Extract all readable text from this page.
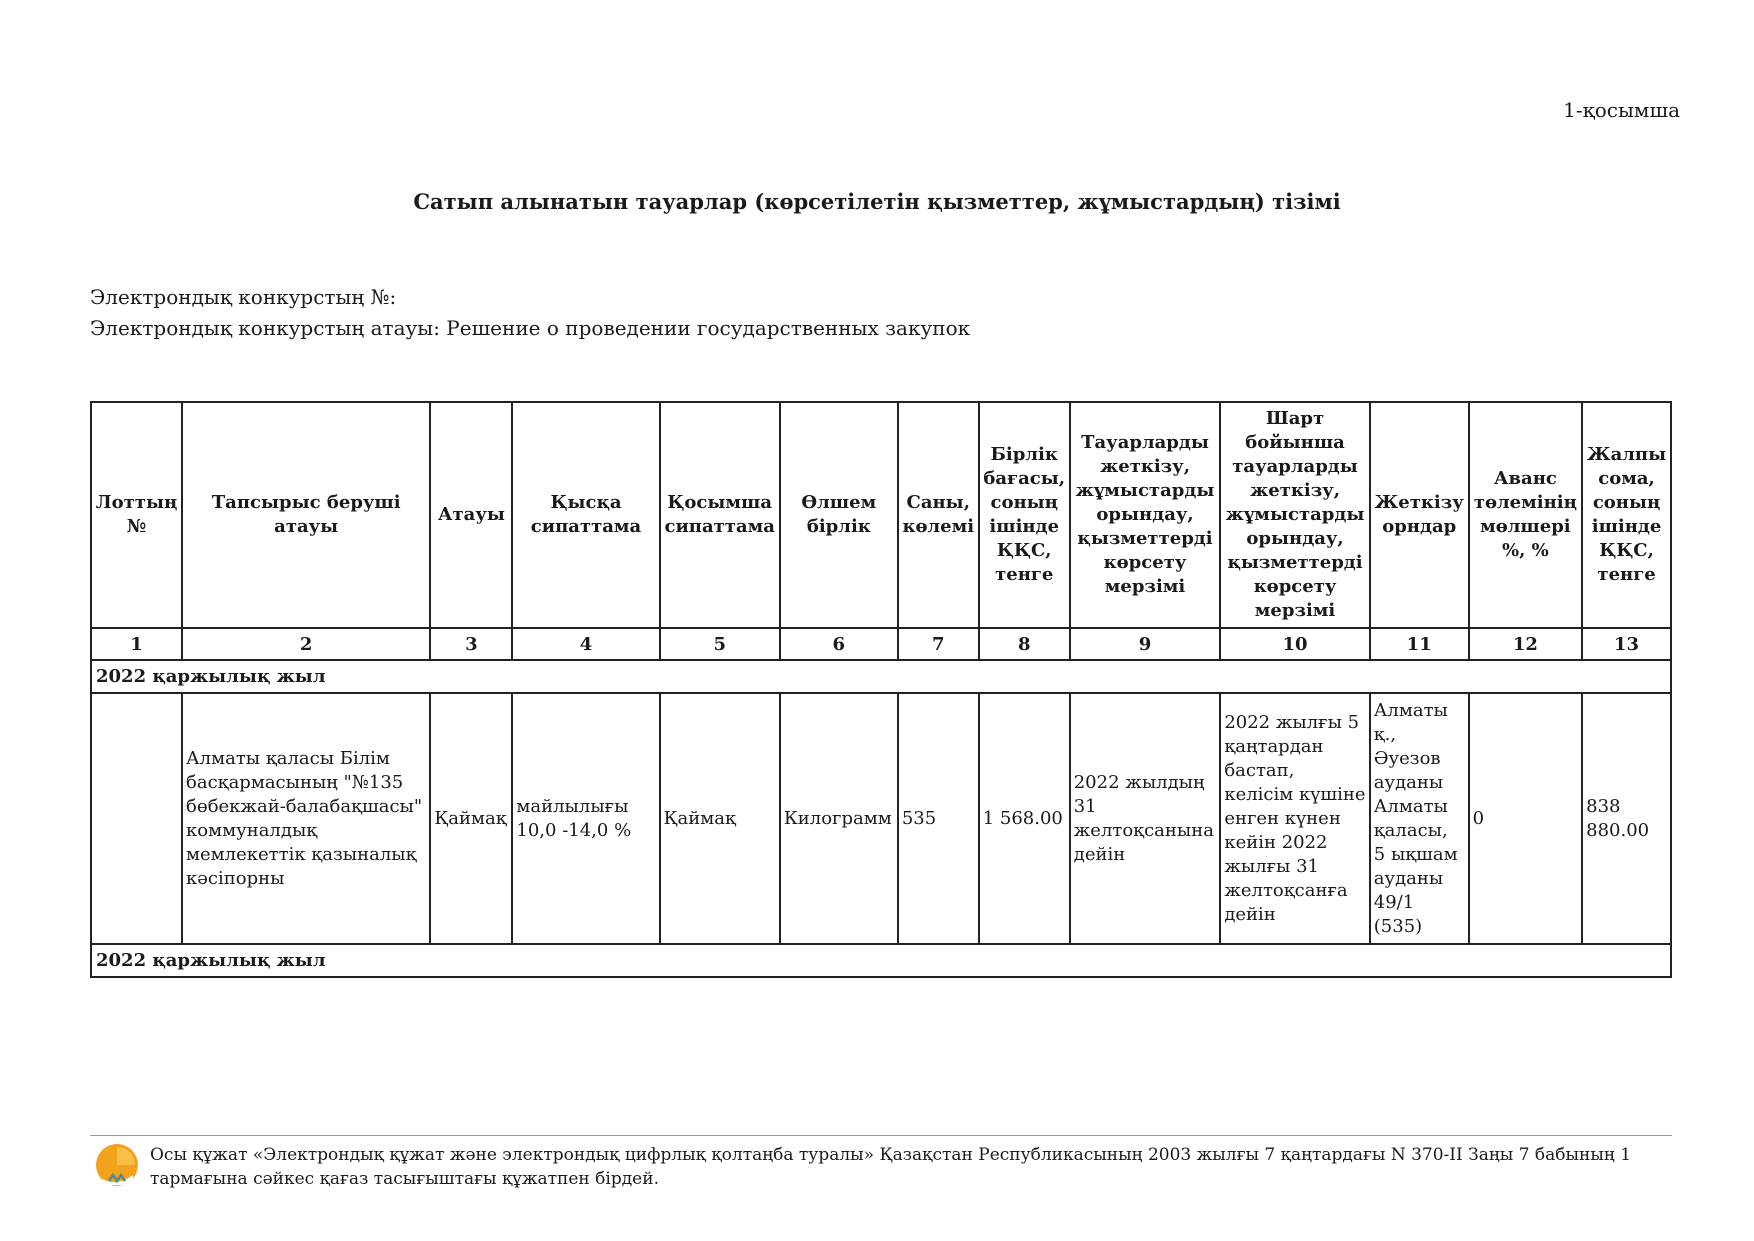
1-қосымша
Сатып алынатын тауарлар (көрсетілетін қызметтер, жұмыстардың) тізімі
Электрондық конкурстың №:
Электрондық конкурстың атауы: Решение о проведении государственных закупок
Лоттың №	Тапсырыс беруші атауы	Атауы	Қысқа сипаттама	Қосымша сипаттама	Өлшем бірлік	Саны, көлемі	Бірлік бағасы, соның ішінде ҚҚС, тенге	Тауарларды жеткізу, жұмыстарды орындау, қызметтерді көрсету мерзімі	Шарт бойынша тауарларды жеткізу, жұмыстарды орындау, қызметтерді көрсету мерзімі	Жеткізу орндар	Аванс төлемінің мөлшері %, %	Жалпы сома, соның ішінде ҚҚС, тенге
1	2	3	4	5	6	7	8	9	10	11	12	13
2022 қаржылық жыл												
	Алматы қаласы Білім басқармасының "№135 бөбекжай-балабақшасы" коммуналдық мемлекеттік қазыналық кәсіпорны	Қаймақ	майлылығы 10,0 -14,0 %	Қаймақ	Килограмм	535	1 568.00	2022 жылдың 31 желтоқсанына дейін	2022 жылғы 5 қаңтардан бастап, келісім күшіне енген күнен кейін 2022 жылғы 31 желтоқсанға дейін	Алматы қ., Әуезов ауданы Алматы қаласы, 5 ықшам ауданы 49/1 (535)	0	838 880.00
2022 қаржылық жыл												
Осы құжат «Электрондық құжат және электрондық цифрлық қолтаңба туралы» Қазақстан Республикасының 2003 жылғы 7 қаңтардағы N 370-II Заңы 7 бабының 1 тармағына сәйкес қағаз тасығыштағы құжатпен бірдей.
